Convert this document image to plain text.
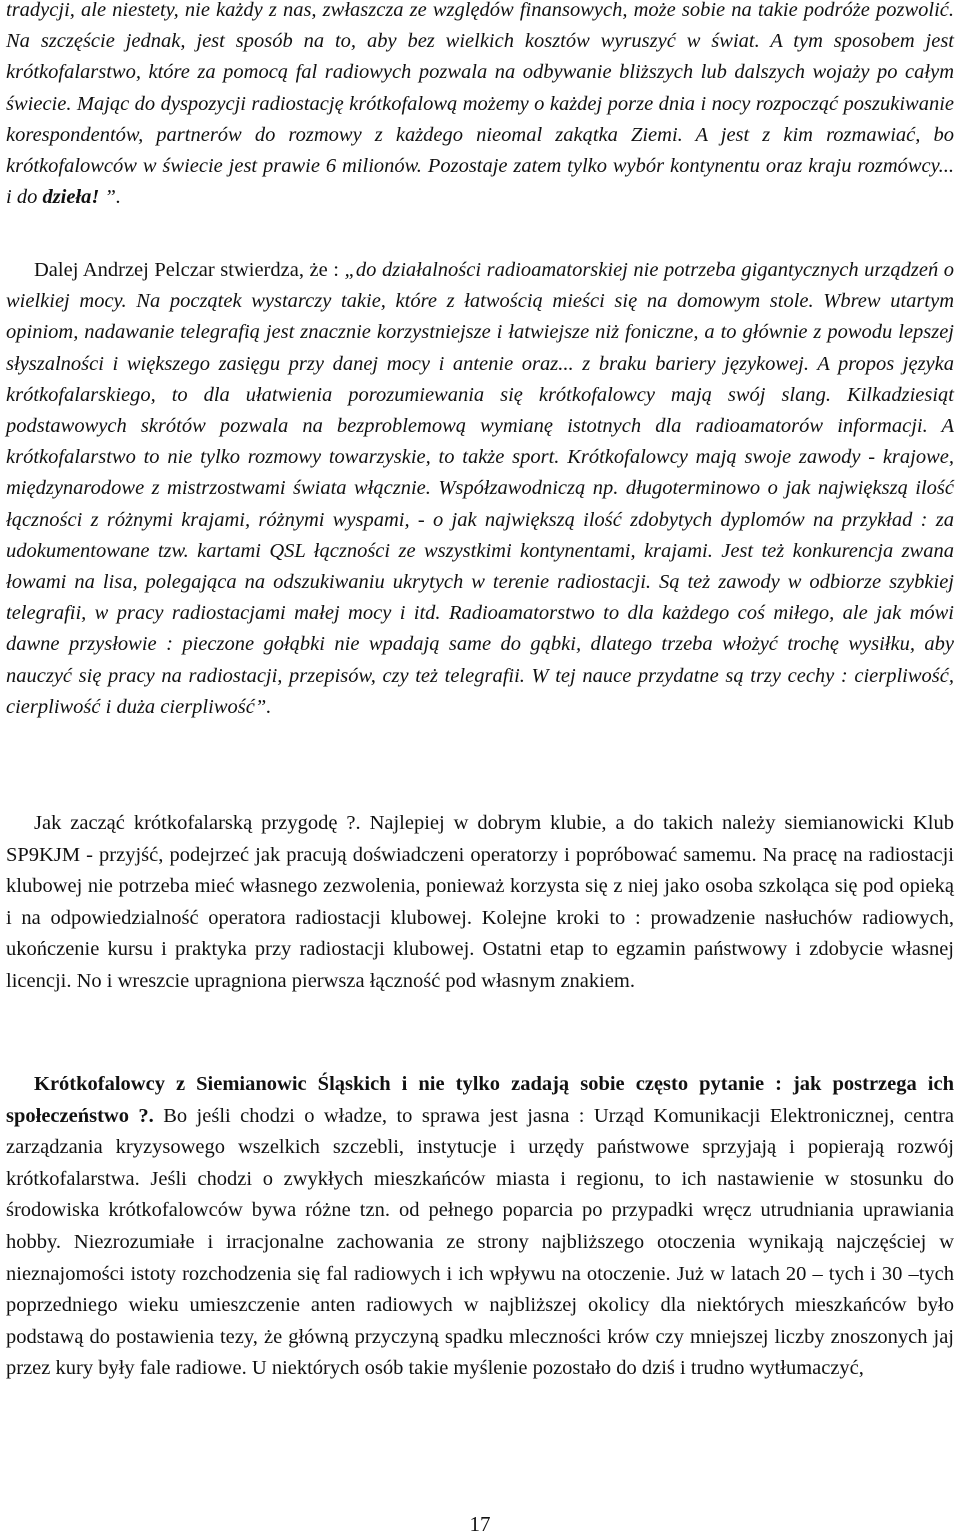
tradycji, ale niestety, nie każdy z nas, zwłaszcza ze względów finansowych, może sobie na takie podróże pozwolić. Na szczęście jednak, jest sposób na to, aby bez wielkich kosztów wyruszyć w świat. A tym sposobem jest krótkofalarstwo, które za pomocą fal radiowych pozwala na odbywanie bliższych lub dalszych wojaży po całym świecie. Mając do dyspozycji radiostację krótkofalową możemy o każdej porze dnia i nocy rozpocząć poszukiwanie korespondentów, partnerów do rozmowy z każdego nieomal zakątka Ziemi. A jest z kim rozmawiać, bo krótkofalowców w świecie jest prawie 6 milionów. Pozostaje zatem tylko wybór kontynentu oraz kraju rozmówcy... i do dzieła! ”.

Dalej Andrzej Pelczar stwierdza, że : „do działalności radioamatorskiej nie potrzeba gigantycznych urządzeń o wielkiej mocy. Na początek wystarczy takie, które z łatwością mieści się na domowym stole. Wbrew utartym opiniom, nadawanie telegrafią jest znacznie korzystniejsze i łatwiejsze niż foniczne, a to głównie z powodu lepszej słyszalności i większego zasięgu przy danej mocy i antenie oraz... z braku bariery językowej. A propos języka krótkofalarskiego, to dla ułatwienia porozumiewania się krótkofalowcy mają swój slang. Kilkadziesiąt podstawowych skrótów pozwala na bezproblemową wymianę istotnych dla radioamatorów informacji. A krótkofalarstwo to nie tylko rozmowy towarzyskie, to także sport. Krótkofalowcy mają swoje zawody - krajowe, międzynarodowe z mistrzostwami świata włącznie. Współzawodniczą np. długoterminowo o jak największą ilość łączności z różnymi krajami, różnymi wyspami, - o jak największą ilość zdobytych dyplomów na przykład : za udokumentowane tzw. kartami QSL łączności ze wszystkimi kontynentami, krajami. Jest też konkurencja zwana łowami na lisa, polegająca na odszukiwaniu ukrytych w terenie radiostacji. Są też zawody w odbiorze szybkiej telegrafii, w pracy radiostacjami małej mocy i itd. Radioamatorstwo to dla każdego coś miłego, ale jak mówi dawne przysłowie : pieczone gołąbki nie wpadają same do gąbki, dlatego trzeba włożyć trochę wysiłku, aby nauczyć się pracy na radiostacji, przepisów, czy też telegrafii. W tej nauce przydatne są trzy cechy : cierpliwość, cierpliwość i duża cierpliwość”.

Jak zacząć krótkofalarską przygodę ?. Najlepiej w dobrym klubie, a do takich należy siemianowicki Klub SP9KJM - przyjść, podejrzeć jak pracują doświadczeni operatorzy i popróbować samemu. Na pracę na radiostacji klubowej nie potrzeba mieć własnego zezwolenia, ponieważ korzysta się z niej jako osoba szkoląca się pod opieką i na odpowiedzialność operatora radiostacji klubowej. Kolejne kroki to : prowadzenie nasłuchów radiowych, ukończenie kursu i praktyka przy radiostacji klubowej. Ostatni etap to egzamin państwowy i zdobycie własnej licencji. No i wreszcie upragniona pierwsza łączność pod własnym znakiem.

Krótkofalowcy z Siemianowic Śląskich i nie tylko zadają sobie często pytanie : jak postrzega ich społeczeństwo ?. Bo jeśli chodzi o władze, to sprawa jest jasna : Urząd Komunikacji Elektronicznej, centra zarządzania kryzysowego wszelkich szczebli, instytucje i urzędy państwowe sprzyjają i popierają rozwój krótkofalarstwa. Jeśli chodzi o zwykłych mieszkańców miasta i regionu, to ich nastawienie w stosunku do środowiska krótkofalowców bywa różne tzn. od pełnego poparcia po przypadki wręcz utrudniania uprawiania hobby. Niezrozumiałe i irracjonalne zachowania ze strony najbliższego otoczenia wynikają najczęściej w nieznajomości istoty rozchodzenia się fal radiowych i ich wpływu na otoczenie. Już w latach 20 – tych i 30 –tych poprzedniego wieku umieszczenie anten radiowych w najbliższej okolicy dla niektórych mieszkańców było podstawą do postawienia tezy, że główną przyczyną spadku mleczności krów czy mniejszej liczby znoszonych jaj przez kury były fale radiowe. U niektórych osób takie myślenie pozostało do dziś i trudno wytłumaczyć,

17
